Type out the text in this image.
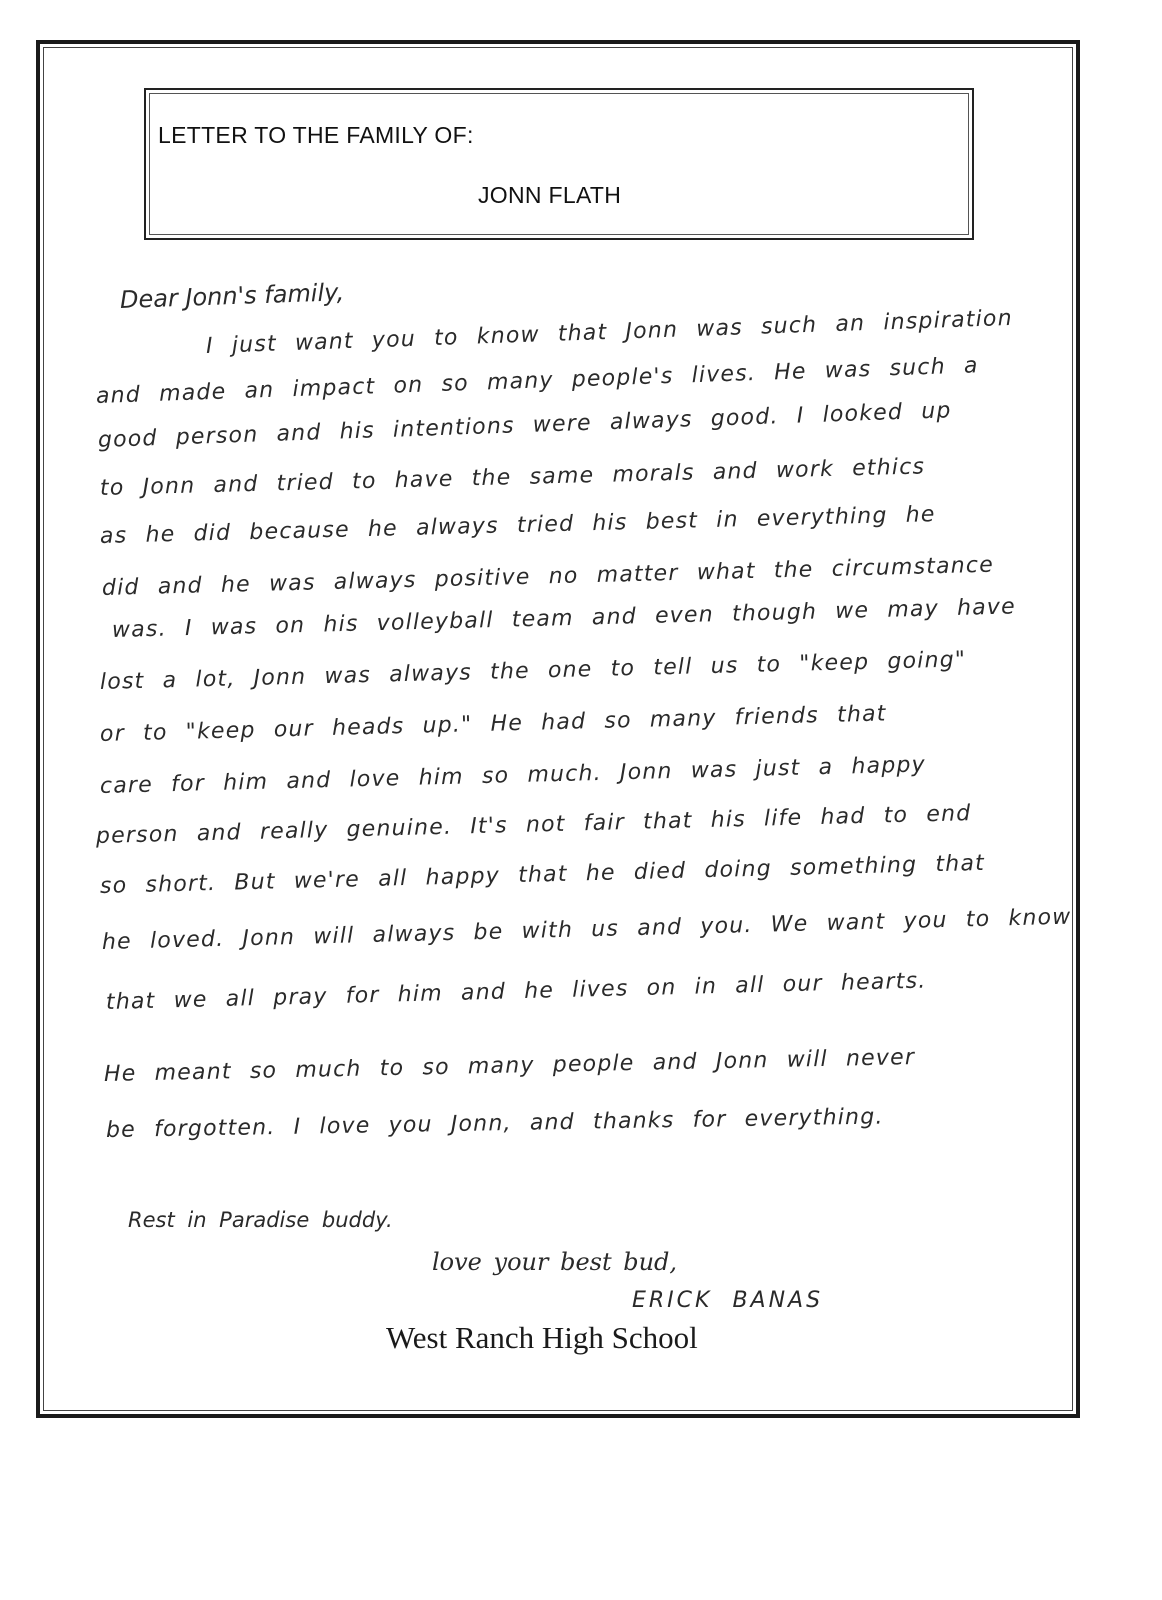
LETTER TO THE FAMILY OF:
JONN FLATH
Dear Jonn's family,
I just want you to know that Jonn was such an inspiration
and made an impact on so many people's lives. He was such a
good person and his intentions were always good. I looked up
to Jonn and tried to have the same morals and work ethics
as he did because he always tried his best in everything he
did and he was always positive no matter what the circumstance
was. I was on his volleyball team and even though we may have
lost a lot, Jonn was always the one to tell us to "keep going"
or to "keep our heads up." He had so many friends that
care for him and love him so much. Jonn was just a happy
person and really genuine. It's not fair that his life had to end
so short. But we're all happy that he died doing something that
he loved. Jonn will always be with us and you. We want you to know
that we all pray for him and he lives on in all our hearts.
He meant so much to so many people and Jonn will never
be forgotten. I love you Jonn, and thanks for everything.
Rest in Paradise buddy.
love your best bud,
ERICK BANAS
West Ranch High School
